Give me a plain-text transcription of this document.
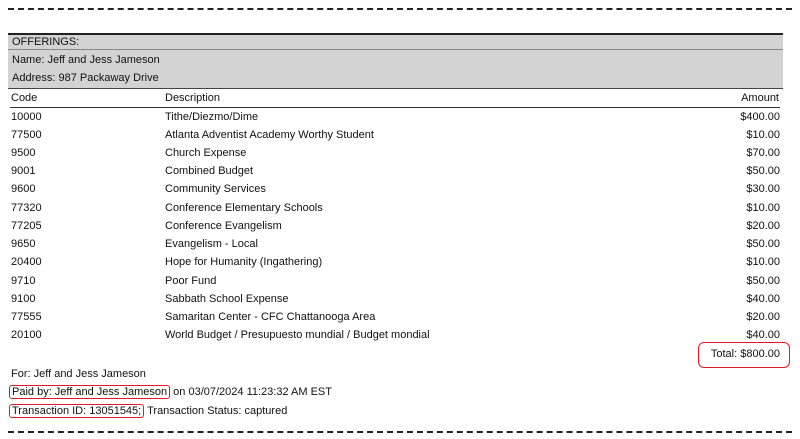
OFFERINGS:
Name: Jeff and Jess Jameson
Address: 987 Packaway Drive
Code	Description	Amount
10000	Tithe/Diezmo/Dime	$400.00
77500	Atlanta Adventist Academy Worthy Student	$10.00
9500	Church Expense	$70.00
9001	Combined Budget	$50.00
9600	Community Services	$30.00
77320	Conference Elementary Schools	$10.00
77205	Conference Evangelism	$20.00
9650	Evangelism - Local	$50.00
20400	Hope for Humanity (Ingathering)	$10.00
9710	Poor Fund	$50.00
9100	Sabbath School Expense	$40.00
77555	Samaritan Center - CFC Chattanooga Area	$20.00
20100	World Budget / Presupuesto mundial / Budget mondial	$40.00
Total: $800.00
For: Jeff and Jess Jameson
Paid by: Jeff and Jess Jameson on 03/07/2024 11:23:32 AM EST
Transaction ID: 13051545; Transaction Status: captured
